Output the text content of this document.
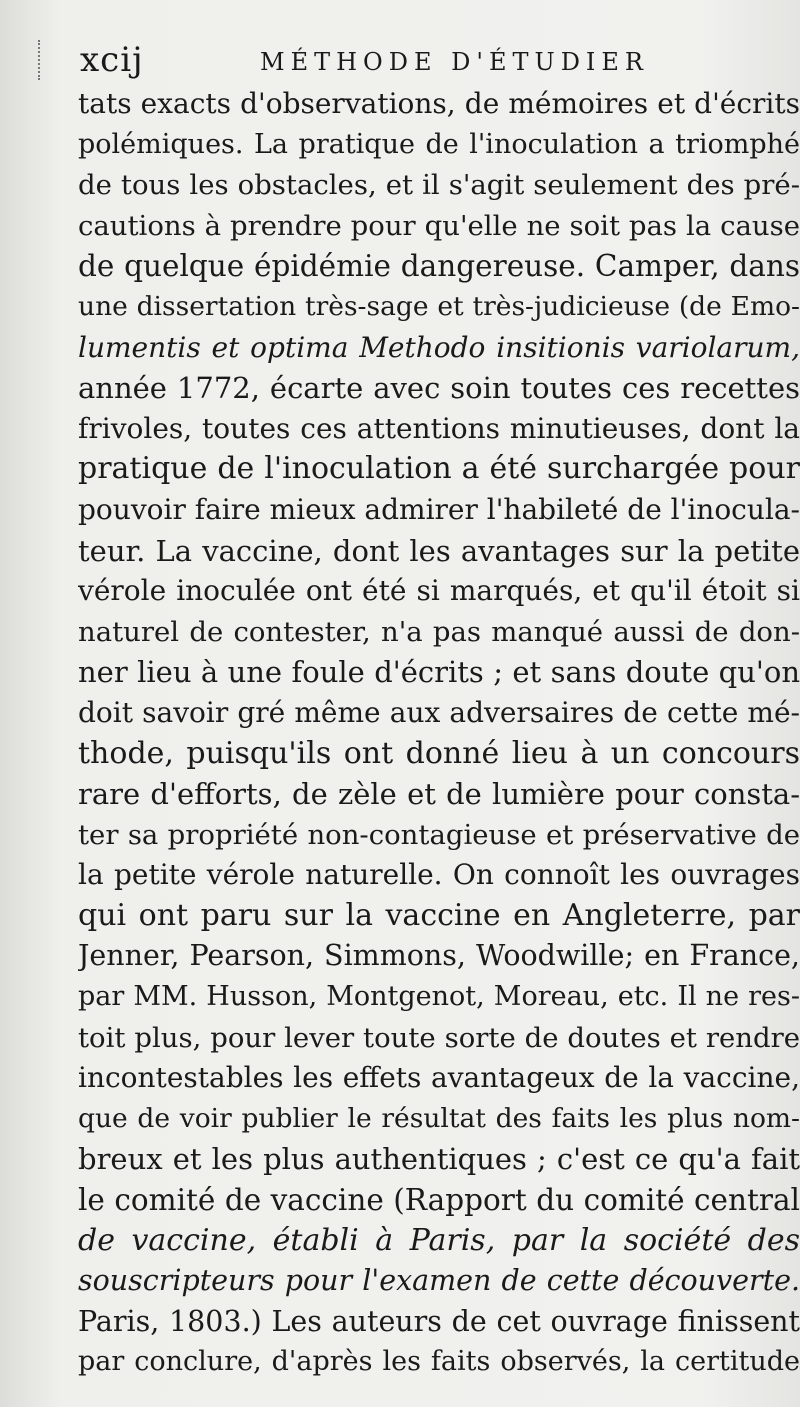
xcij	MÉTHODE D'ÉTUDIER
tats exacts d'observations, de mémoires et d'écrits
polémiques. La pratique de l'inoculation a triomphé
de tous les obstacles, et il s'agit seulement des pré-
cautions à prendre pour qu'elle ne soit pas la cause
de quelque épidémie dangereuse. Camper, dans
une dissertation très-sage et très-judicieuse (de Emo-
lumentis et optima Methodo insitionis variolarum,
année 1772, écarte avec soin toutes ces recettes
frivoles, toutes ces attentions minutieuses, dont la
pratique de l'inoculation a été surchargée pour
pouvoir faire mieux admirer l'habileté de l'inocula-
teur. La vaccine, dont les avantages sur la petite
vérole inoculée ont été si marqués, et qu'il étoit si
naturel de contester, n'a pas manqué aussi de don-
ner lieu à une foule d'écrits ; et sans doute qu'on
doit savoir gré même aux adversaires de cette mé-
thode, puisqu'ils ont donné lieu à un concours
rare d'efforts, de zèle et de lumière pour consta-
ter sa propriété non-contagieuse et préservative de
la petite vérole naturelle. On connoît les ouvrages
qui ont paru sur la vaccine en Angleterre, par
Jenner, Pearson, Simmons, Woodwille; en France,
par MM. Husson, Montgenot, Moreau, etc. Il ne res-
toit plus, pour lever toute sorte de doutes et rendre
incontestables les effets avantageux de la vaccine,
que de voir publier le résultat des faits les plus nom-
breux et les plus authentiques ; c'est ce qu'a fait
le comité de vaccine (Rapport du comité central
de vaccine, établi à Paris, par la société des
souscripteurs pour l'examen de cette découverte.
Paris, 1803.) Les auteurs de cet ouvrage finissent
par conclure, d'après les faits observés, la certitude
